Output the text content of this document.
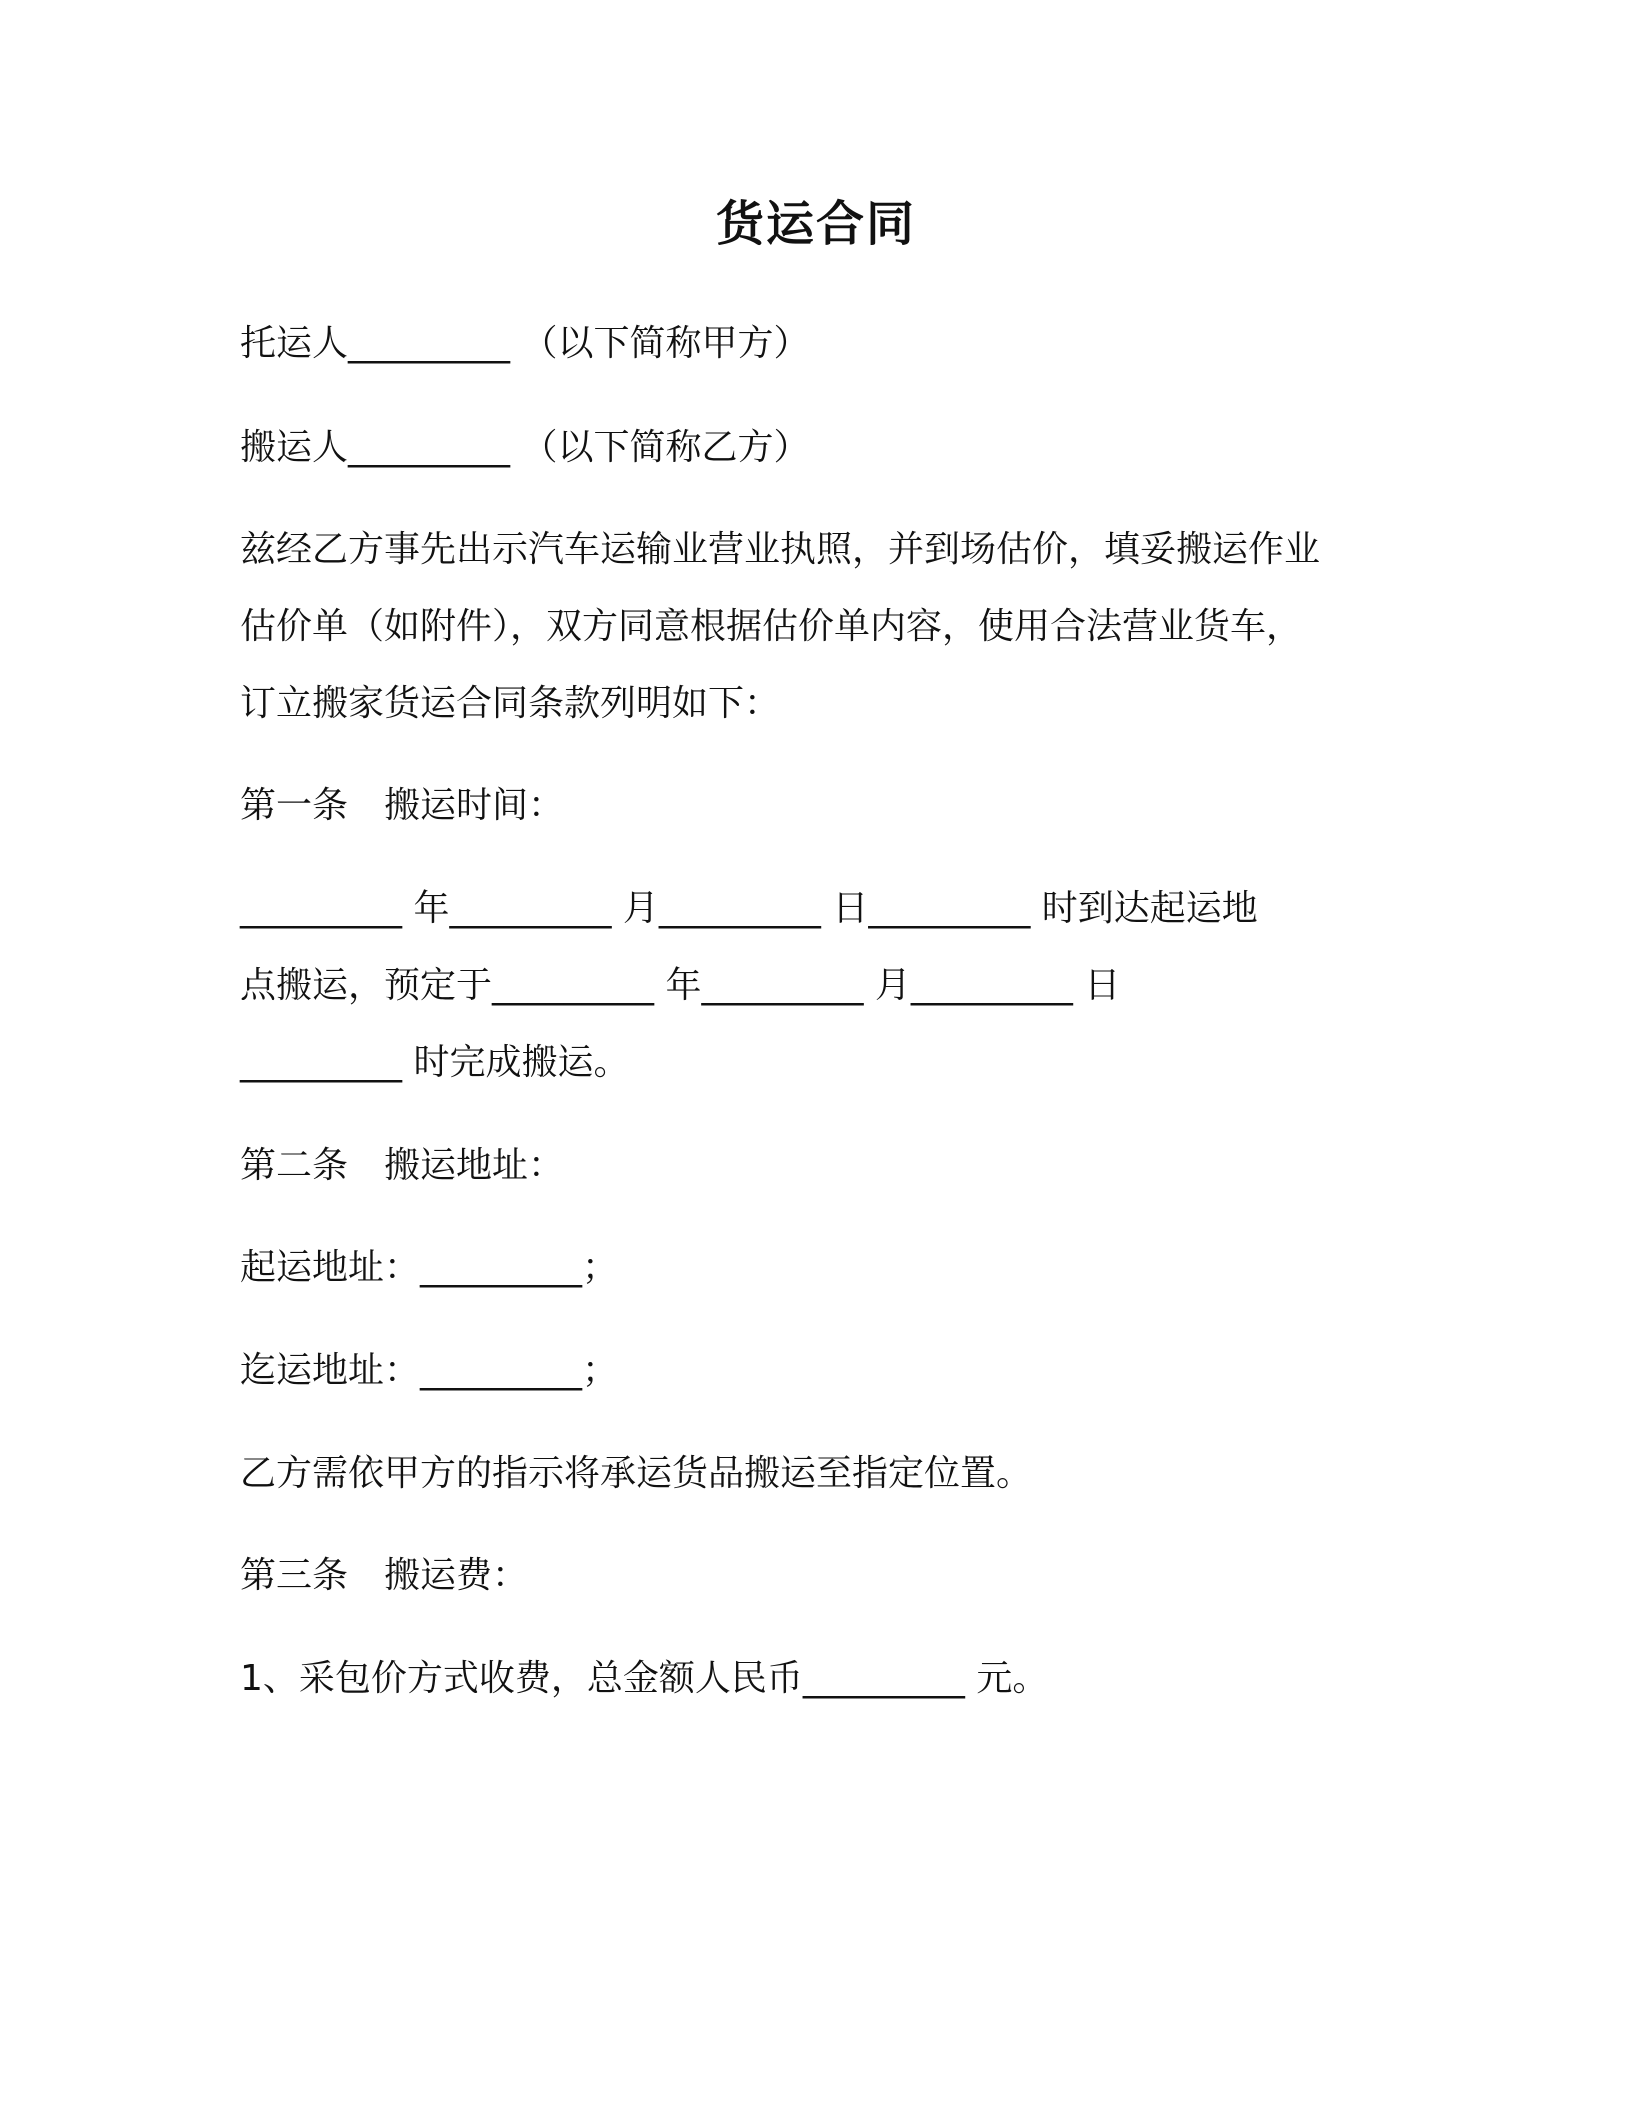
货运合同
托运人_________ （以下简称甲方）
搬运人_________ （以下简称乙方）
兹经乙方事先出示汽车运输业营业执照，并到场估价，填妥搬运作业
估价单（如附件），双方同意根据估价单内容，使用合法营业货车，
订立搬家货运合同条款列明如下：
第一条　搬运时间：
_________ 年_________ 月_________ 日_________ 时到达起运地
点搬运，预定于_________ 年_________ 月_________ 日
_________ 时完成搬运。
第二条　搬运地址：
起运地址：_________；
迄运地址：_________；
乙方需依甲方的指示将承运货品搬运至指定位置。
第三条　搬运费：
1、采包价方式收费，总金额人民币_________ 元。
